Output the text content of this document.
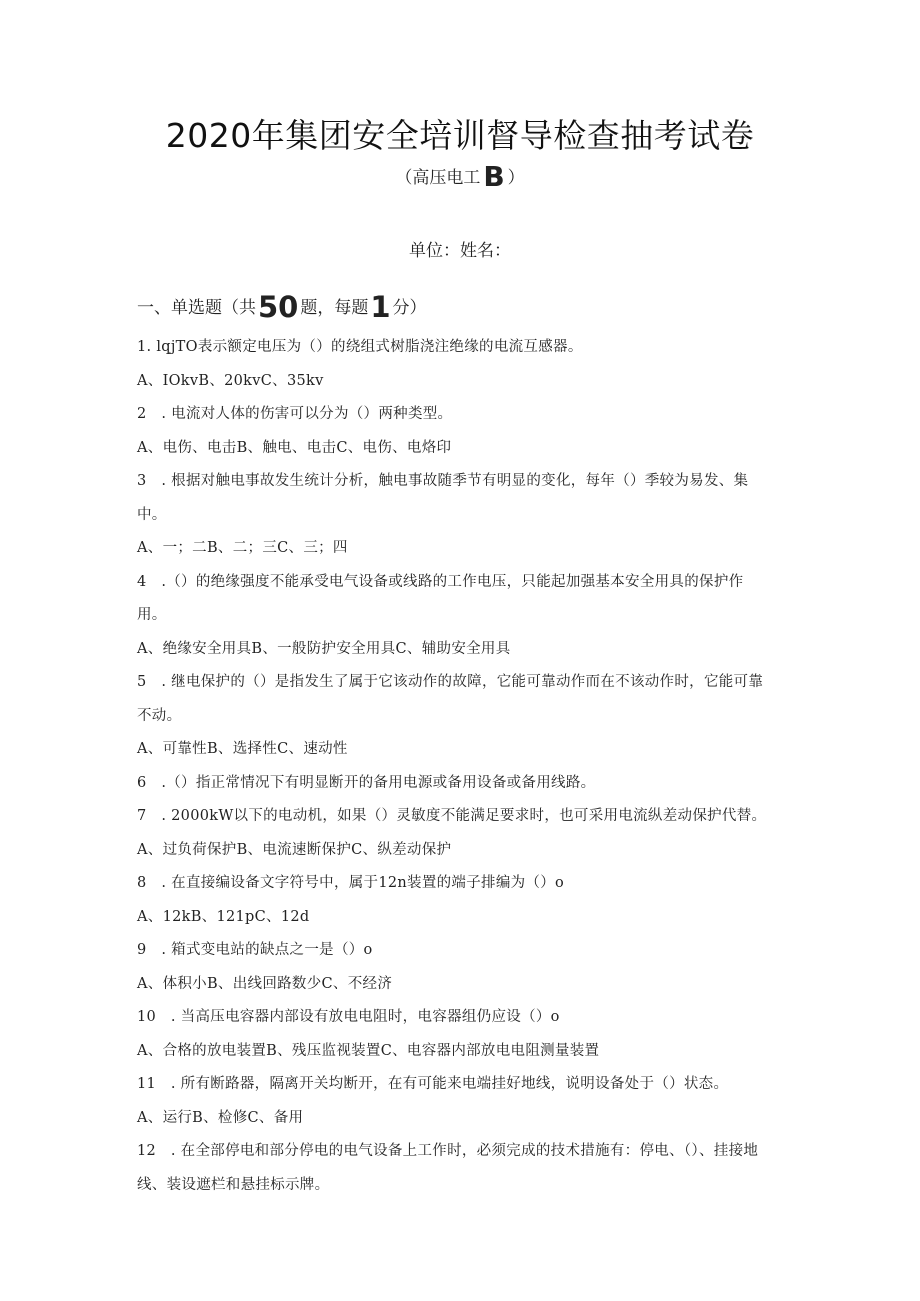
2020年集团安全培训督导检查抽考试卷
（高压电工 B ）
单位：姓名：
一、单选题（共50 题，每题1 分）
1. lqjTO表示额定电压为（）的绕组式树脂浇注绝缘的电流互感器。
A、IOkvB、20kvC、35kv
2　. 电流对人体的伤害可以分为（）两种类型。
A、电伤、电击B、触电、电击C、电伤、电烙印
3　. 根据对触电事故发生统计分析，触电事故随季节有明显的变化，每年（）季较为易发、集
中。
A、一；二B、二；三C、三；四
4　.（）的绝缘强度不能承受电气设备或线路的工作电压，只能起加强基本安全用具的保护作
用。
A、绝缘安全用具B、一般防护安全用具C、辅助安全用具
5　. 继电保护的（）是指发生了属于它该动作的故障，它能可靠动作而在不该动作时，它能可靠
不动。
A、可靠性B、选择性C、速动性
6　.（）指正常情况下有明显断开的备用电源或备用设备或备用线路。
7　. 2000kW以下的电动机，如果（）灵敏度不能满足要求时，也可采用电流纵差动保护代替。
A、过负荷保护B、电流速断保护C、纵差动保护
8　. 在直接编设备文字符号中，属于12n装置的端子排编为（）o
A、12kB、121pC、12d
9　. 箱式变电站的缺点之一是（）o
A、体积小B、出线回路数少C、不经济
10　. 当高压电容器内部设有放电电阻时，电容器组仍应设（）o
A、合格的放电装置B、残压监视装置C、电容器内部放电电阻测量装置
11　. 所有断路器，隔离开关均断开，在有可能来电端挂好地线，说明设备处于（）状态。
A、运行B、检修C、备用
12　. 在全部停电和部分停电的电气设备上工作时，必须完成的技术措施有：停电、（）、挂接地
线、装设遮栏和悬挂标示牌。
